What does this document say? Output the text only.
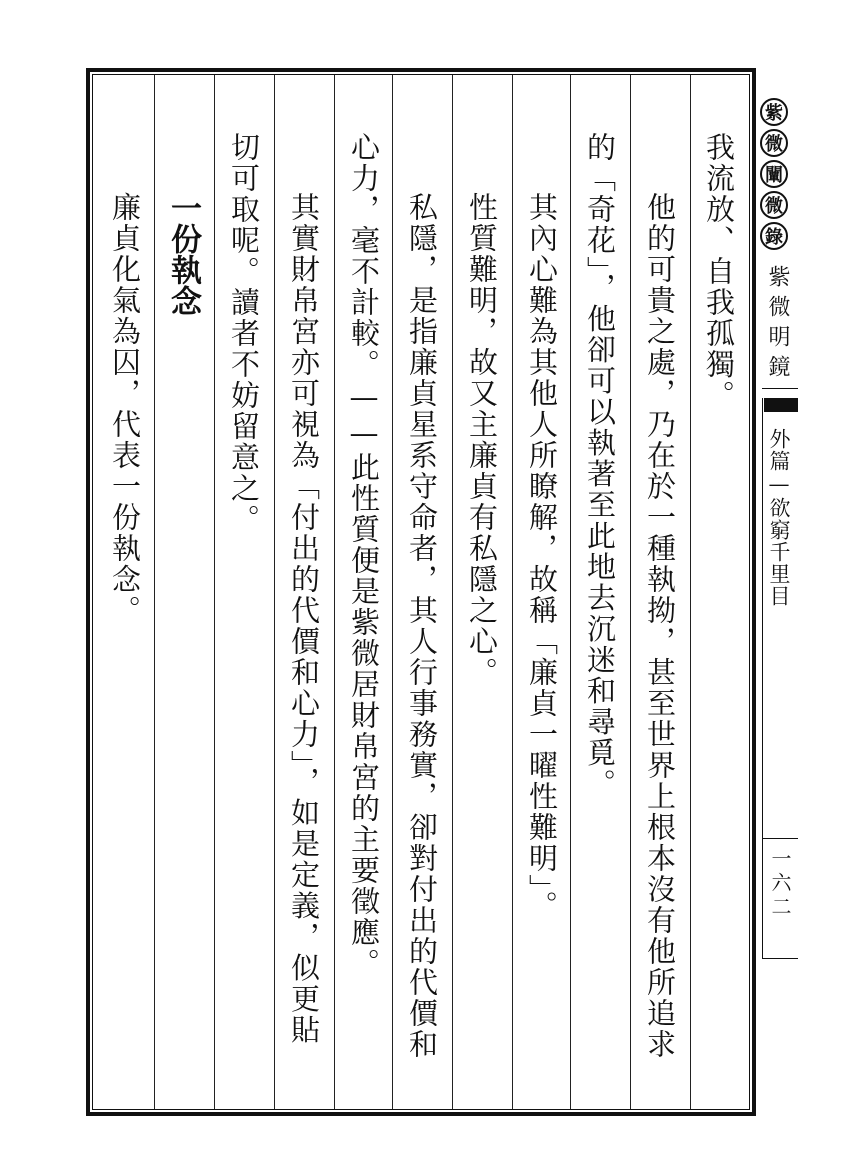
我流放、自我孤獨。
他的可貴之處，乃在於一種執拗，甚至世界上根本沒有他所追求
的「奇花」，他卻可以執著至此地去沉迷和尋覓。
其內心難為其他人所瞭解，故稱「廉貞一曜性難明」。
性質難明，故又主廉貞有私隱之心。
私隱，是指廉貞星系守命者，其人行事務實，卻對付出的代價和
心力，毫不計較。——此性質便是紫微居財帛宮的主要徵應。
其實財帛宮亦可視為「付出的代價和心力」，如是定義，似更貼
切可取呢。讀者不妨留意之。
一份執念
廉貞化氣為囚，代表一份執念。
紫
微
闡
微
錄
紫微明鏡
外篇—欲窮千里目
一六二
